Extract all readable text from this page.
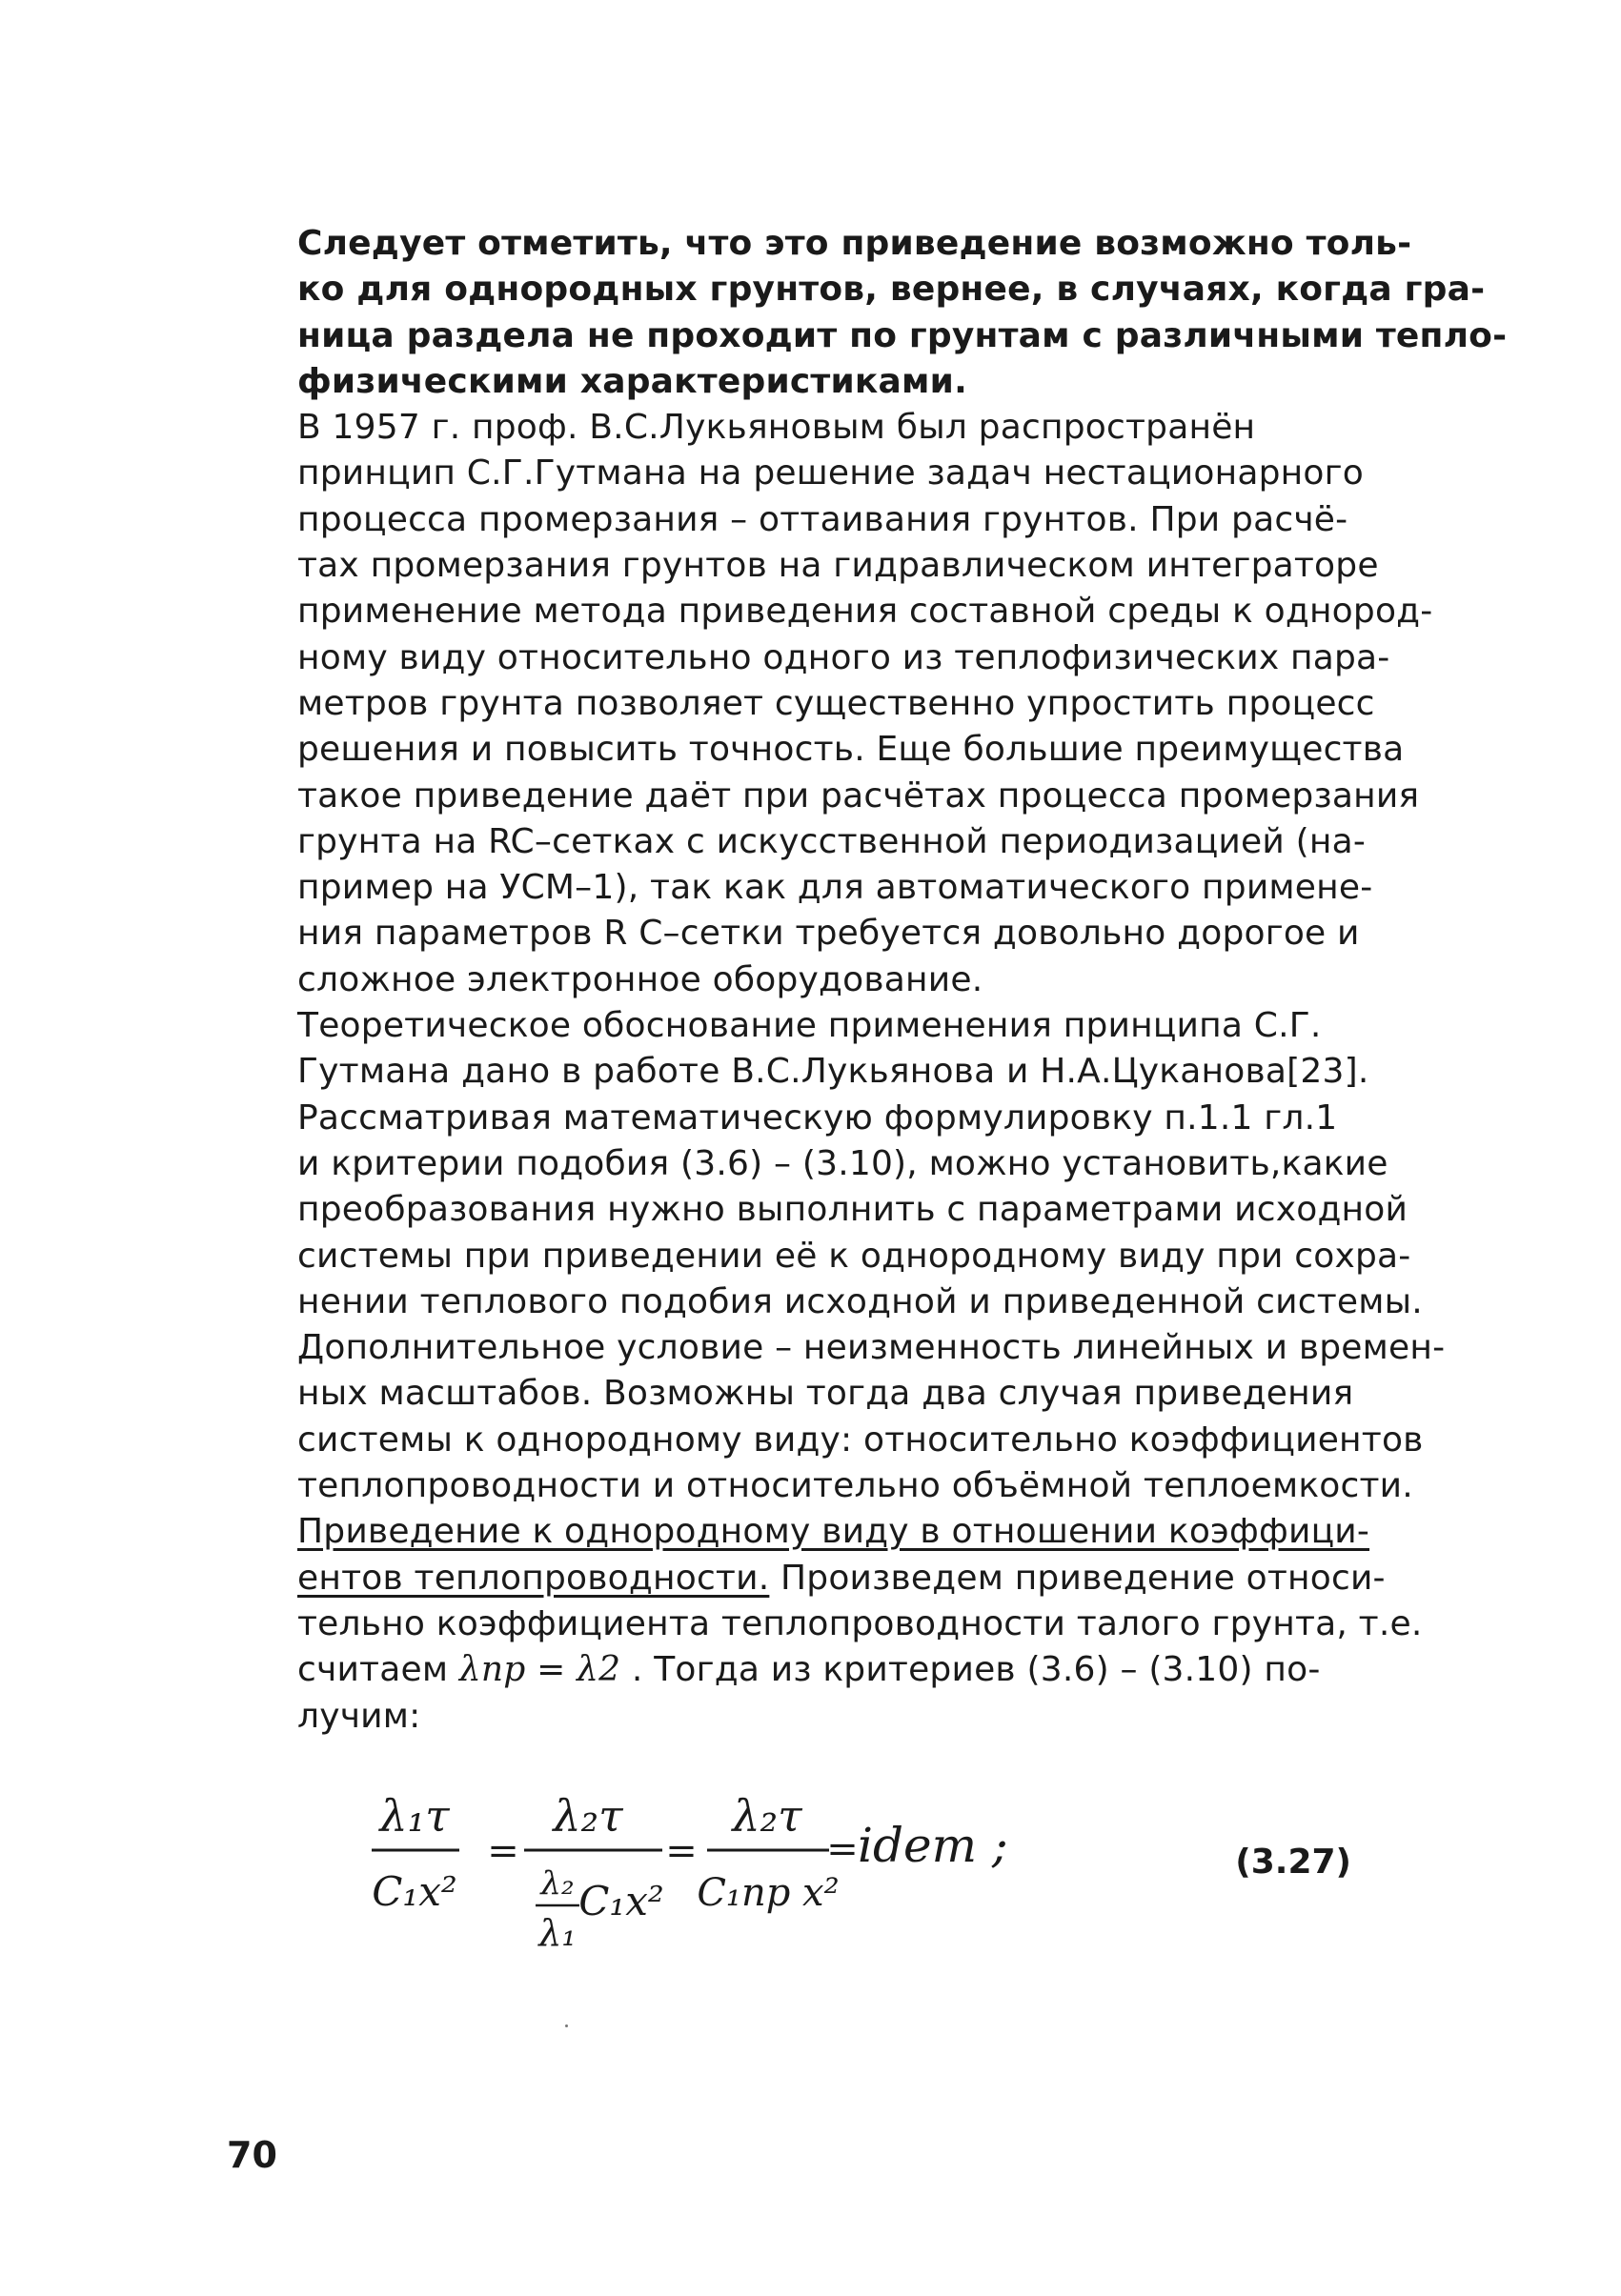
Следует отметить, что это приведение возможно толь-
ко для однородных грунтов, вернее, в случаях, когда гра-
ница раздела не проходит по грунтам с различными тепло-
физическими характеристиками.

В 1957 г. проф. В.С.Лукьяновым был распространён
принцип С.Г.Гутмана на решение задач нестационарного
процесса промерзания – оттаивания грунтов. При расчё-
тах промерзания грунтов на гидравлическом интеграторе
применение метода приведения составной среды к однород-
ному виду относительно одного из теплофизических пара-
метров грунта позволяет существенно упростить процесс
решения и повысить точность. Еще большие преимущества
такое приведение даёт при расчётах процесса промерзания
грунта на RC–сетках с искусственной периодизацией (на-
пример на УСМ–1), так как для автоматического примене-
ния параметров R С–сетки требуется довольно дорогое и
сложное электронное оборудование.

Теоретическое обоснование применения принципа С.Г.
Гутмана дано в работе В.С.Лукьянова и Н.А.Цуканова[23].

Рассматривая математическую формулировку п.1.1 гл.1
и критерии подобия (3.6) – (3.10), можно установить,какие
преобразования нужно выполнить с параметрами исходной
системы при приведении её к однородному виду при сохра-
нении теплового подобия исходной и приведенной системы.
Дополнительное условие – неизменность линейных и времен-
ных масштабов. Возможны тогда два случая приведения
системы к однородному виду: относительно коэффициентов
теплопроводности и относительно объёмной теплоемкости.

Приведение к однородному виду в отношении коэффици-
ентов теплопроводности. Произведем приведение относи-
тельно коэффициента теплопроводности талого грунта, т.е.
считаем λпр = λ2 . Тогда из критериев (3.6) – (3.10) по-
лучим:

λ₁τ
C₁x²
=
λ₂τ
λ₂
λ₁
C₁x²
=
λ₂τ
C₁пр x²
= idem ;	(3.27)

70
